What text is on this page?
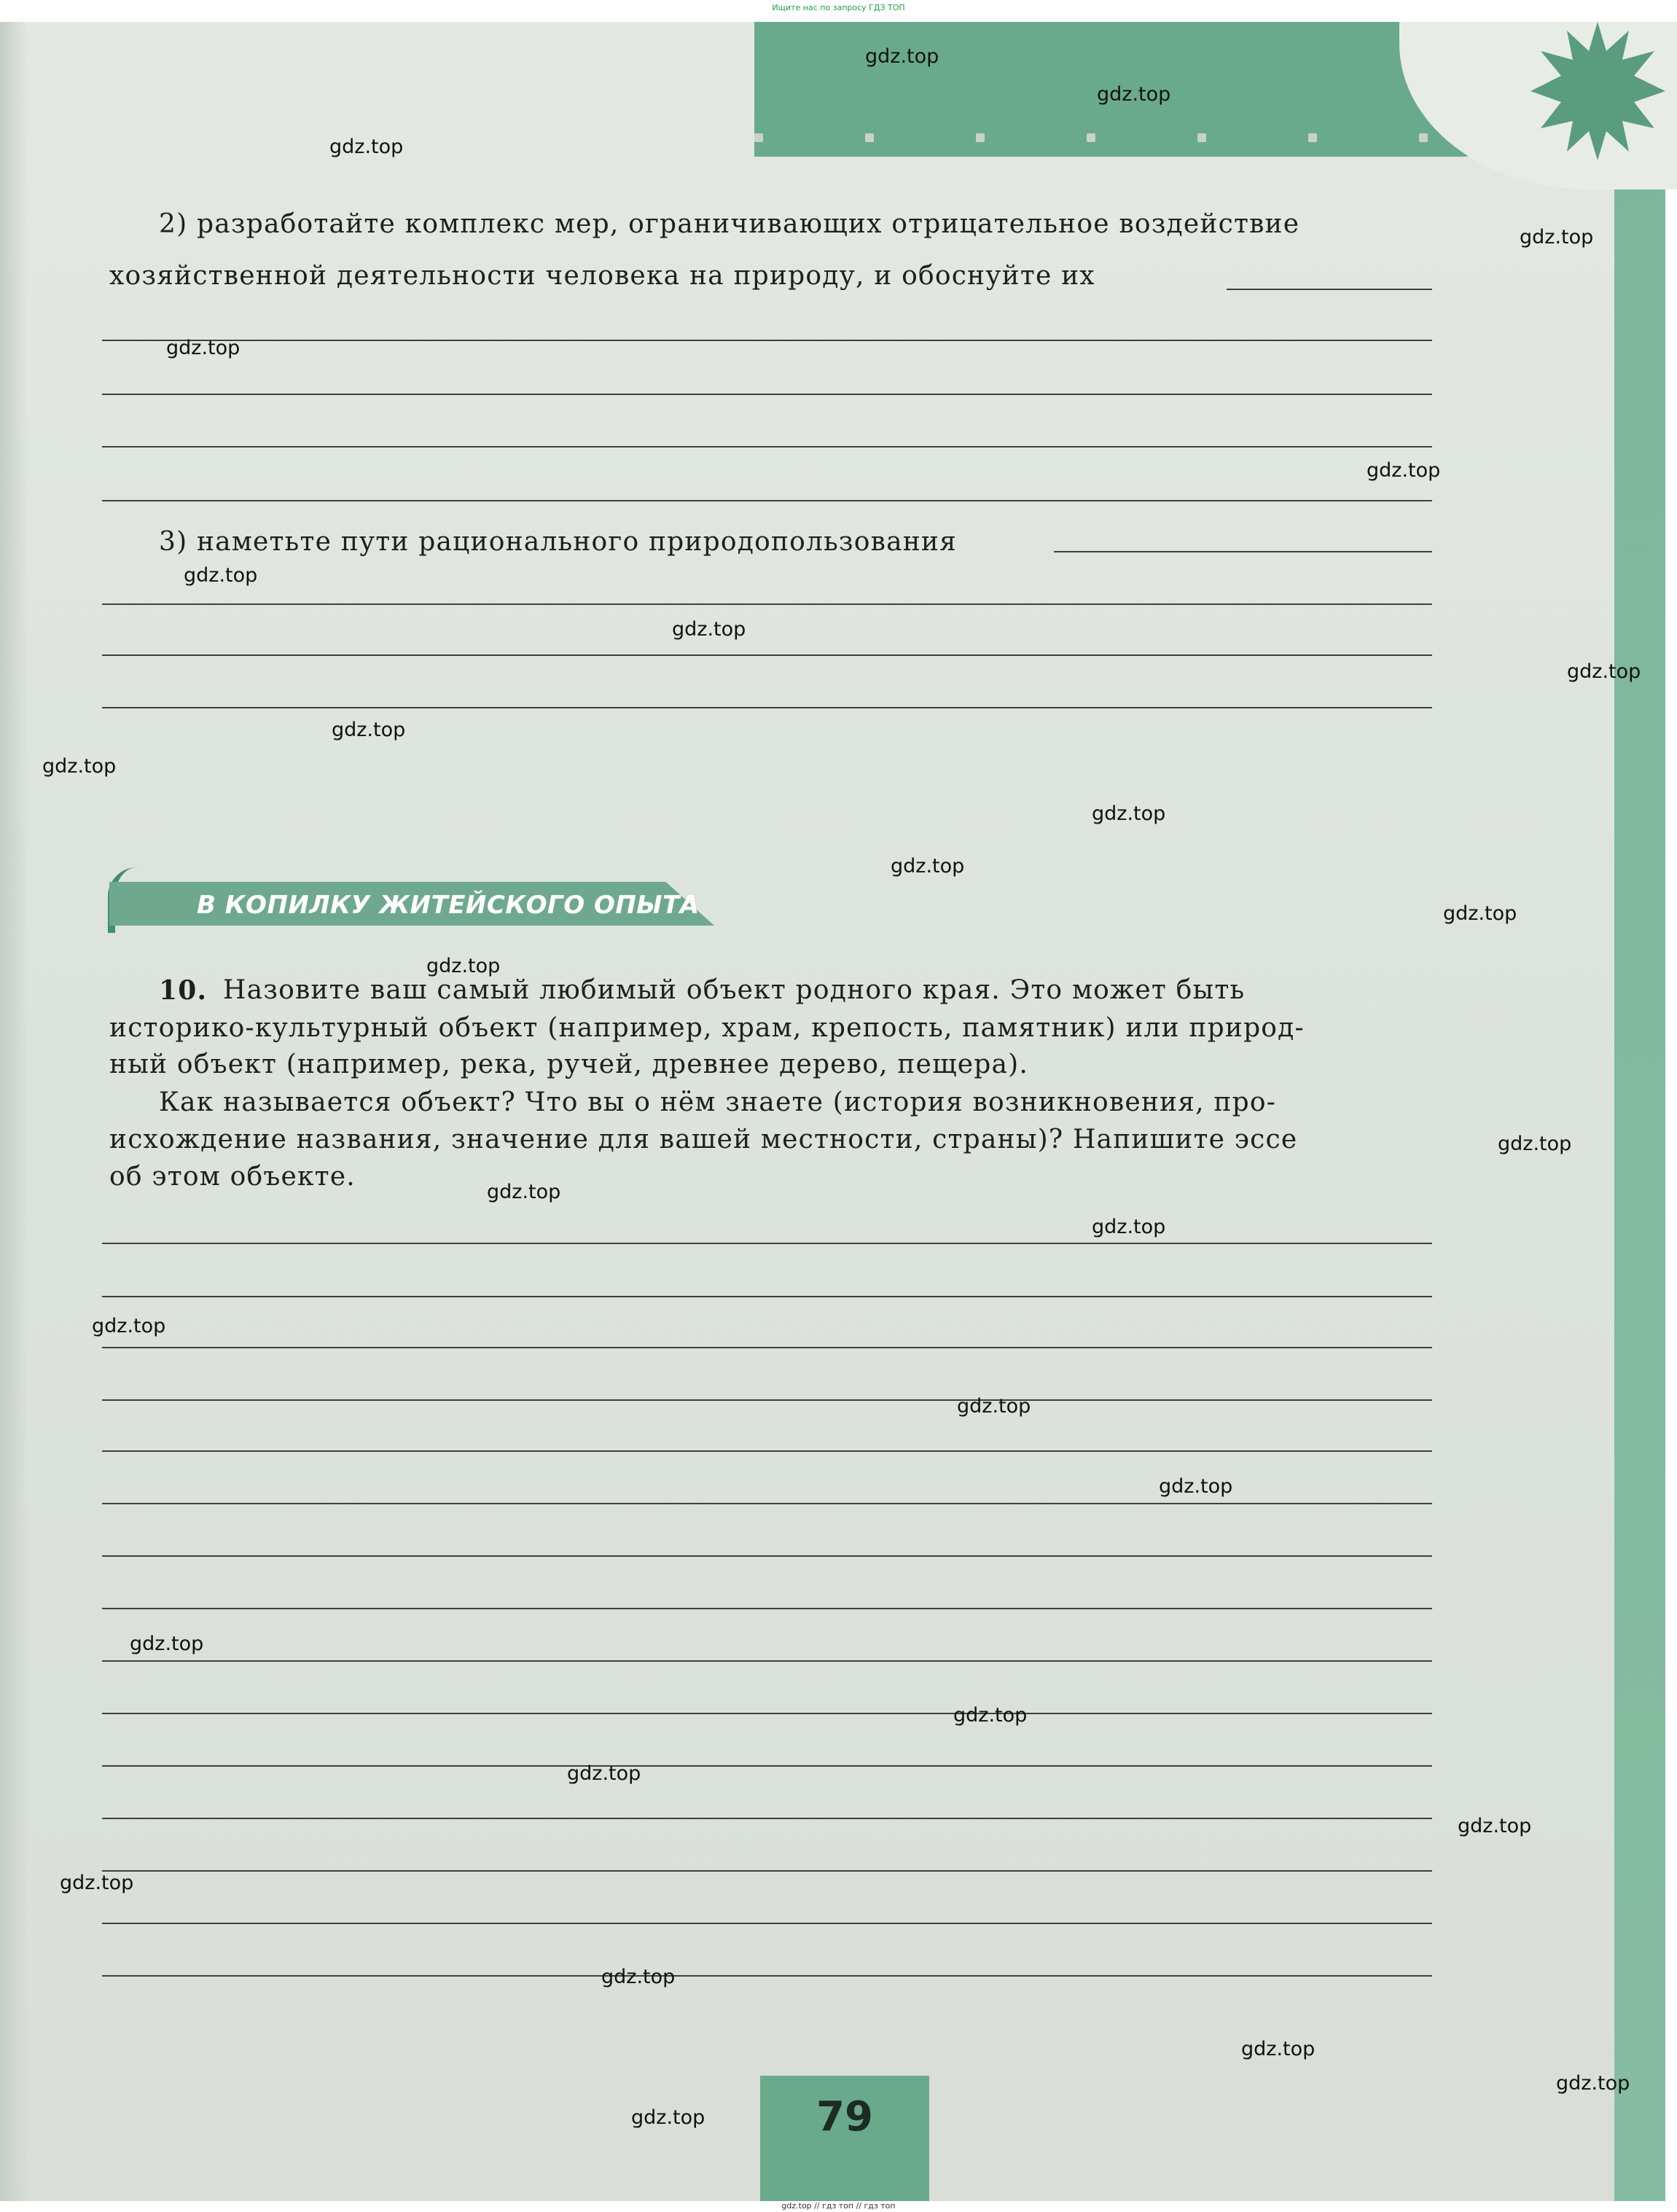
Ищите нас по запросу ГДЗ ТОП
2) разработайте комплекс мер, ограничивающих отрицательное воздействие
хозяйственной деятельности человека на природу, и обоснуйте их
3) наметьте пути рационального природопользования
В КОПИЛКУ ЖИТЕЙСКОГО ОПЫТА
10. Назовите ваш самый любимый объект родного края. Это может быть
историко-культурный объект (например, храм, крепость, памятник) или природ-
ный объект (например, река, ручей, древнее дерево, пещера).
Как называется объект? Что вы о нём знаете (история возникновения, про-
исхождение названия, значение для вашей местности, страны)? Напишите эссе
об этом объекте.
79
gdz.top
gdz.top
gdz.top
gdz.top
gdz.top
gdz.top
gdz.top
gdz.top
gdz.top
gdz.top
gdz.top
gdz.top
gdz.top
gdz.top
gdz.top
gdz.top
gdz.top
gdz.top
gdz.top
gdz.top
gdz.top
gdz.top
gdz.top
gdz.top
gdz.top
gdz.top
gdz.top
gdz.top
gdz.top
gdz.top
gdz.top // гдз топ // гдз топ
